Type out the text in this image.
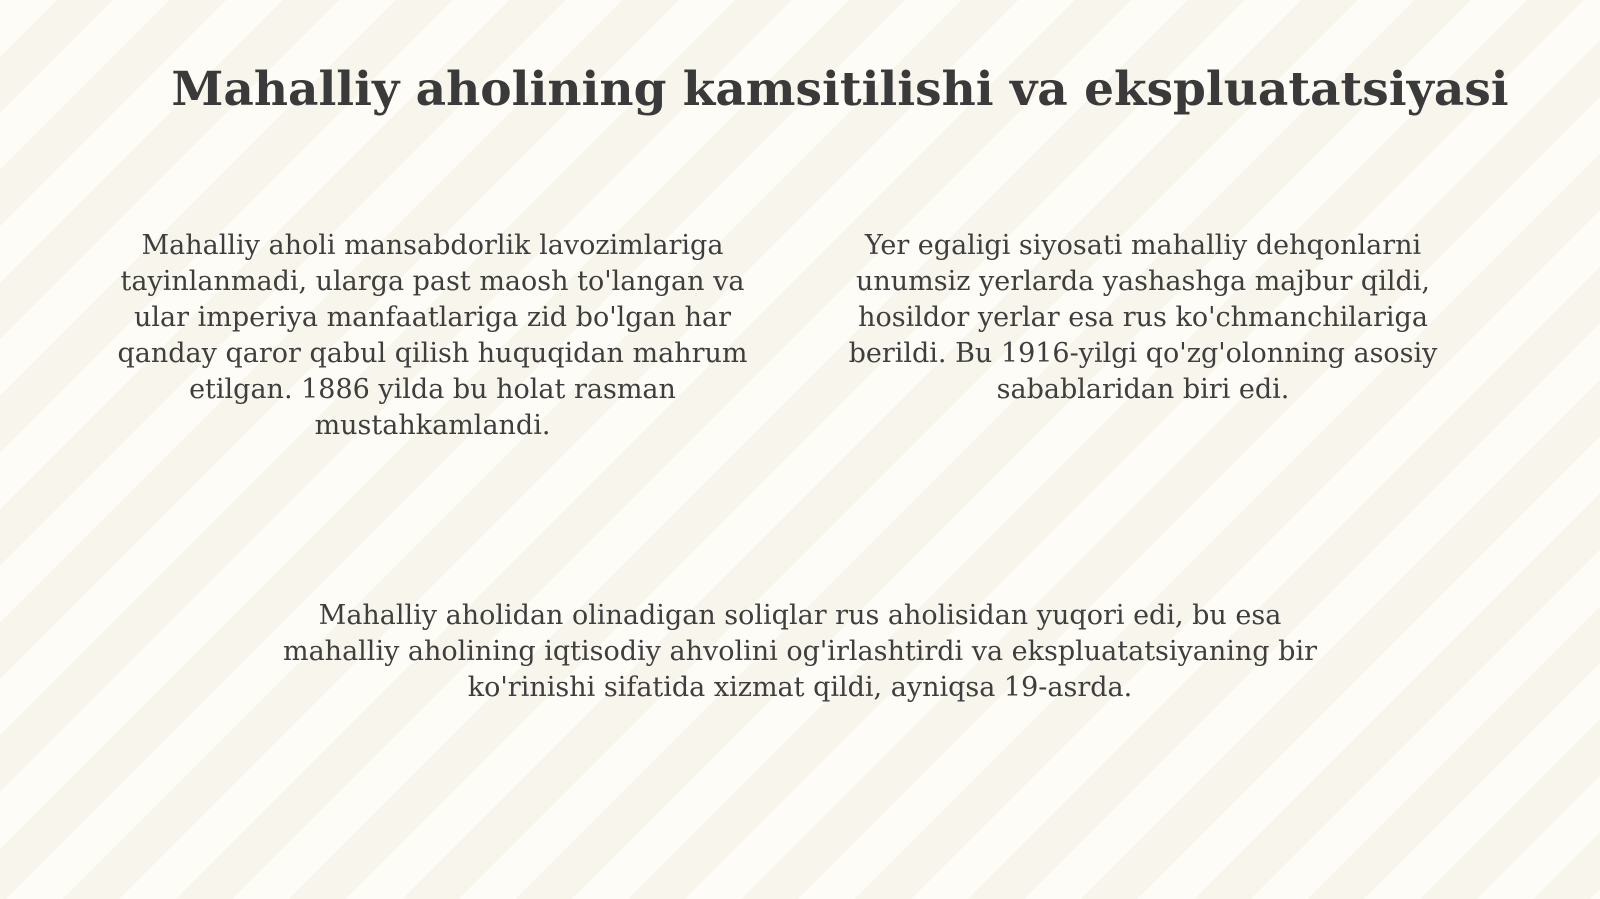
Mahalliy aholining kamsitilishi va ekspluatatsiyasi

Mahalliy aholi mansabdorlik lavozimlariga tayinlanmadi, ularga past maosh to'langan va ular imperiya manfaatlariga zid bo'lgan har qanday qaror qabul qilish huquqidan mahrum etilgan. 1886 yilda bu holat rasman mustahkamlandi.

Yer egaligi siyosati mahalliy dehqonlarni unumsiz yerlarda yashashga majbur qildi, hosildor yerlar esa rus ko'chmanchilariga berildi. Bu 1916-yilgi qo'zg'olonning asosiy sabablaridan biri edi.

Mahalliy aholidan olinadigan soliqlar rus aholisidan yuqori edi, bu esa mahalliy aholining iqtisodiy ahvolini og'irlashtirdi va ekspluatatsiyaning bir ko'rinishi sifatida xizmat qildi, ayniqsa 19-asrda.
